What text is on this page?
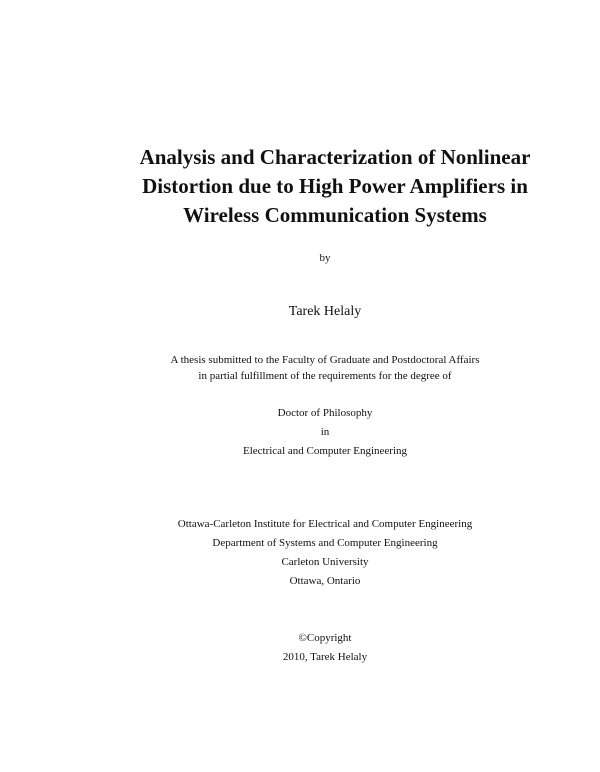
Analysis and Characterization of Nonlinear
Distortion due to High Power Amplifiers in
Wireless Communication Systems
by
Tarek Helaly
A thesis submitted to the Faculty of Graduate and Postdoctoral Affairs
in partial fulfillment of the requirements for the degree of
Doctor of Philosophy
in
Electrical and Computer Engineering
Ottawa-Carleton Institute for Electrical and Computer Engineering
Department of Systems and Computer Engineering
Carleton University
Ottawa, Ontario
©Copyright
2010, Tarek Helaly
